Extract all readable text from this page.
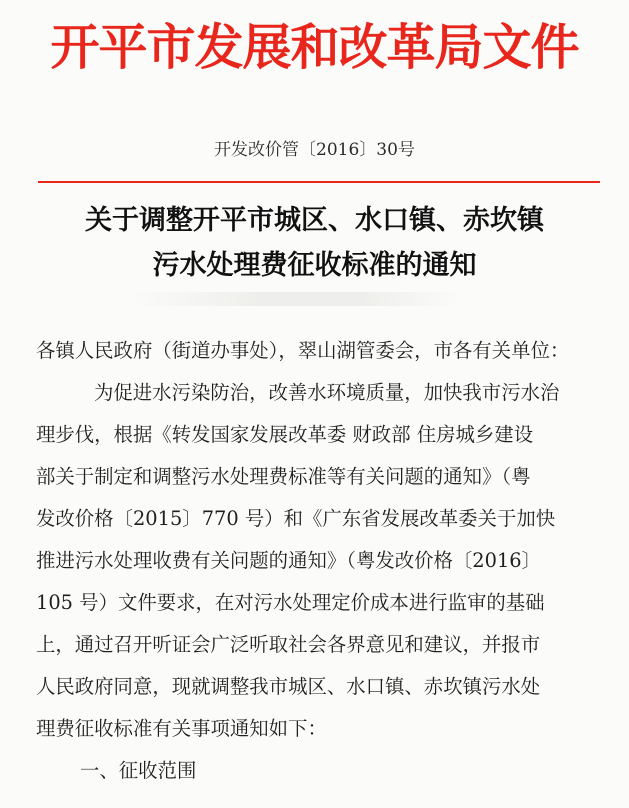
开平市发展和改革局文件
开发改价管〔2016〕30号
关于调整开平市城区、水口镇、赤坎镇
污水处理费征收标准的通知

各镇人民政府（街道办事处），翠山湖管委会，市各有关单位：

为促进水污染防治，改善水环境质量，加快我市污水治

理步伐，根据《转发国家发展改革委 财政部 住房城乡建设

部关于制定和调整污水处理费标准等有关问题的通知》（粤

发改价格〔2015〕770 号）和《广东省发展改革委关于加快

推进污水处理收费有关问题的通知》（粤发改价格〔2016〕

105 号）文件要求，在对污水处理定价成本进行监审的基础

上，通过召开听证会广泛听取社会各界意见和建议，并报市

人民政府同意，现就调整我市城区、水口镇、赤坎镇污水处

理费征收标准有关事项通知如下：

一、征收范围
